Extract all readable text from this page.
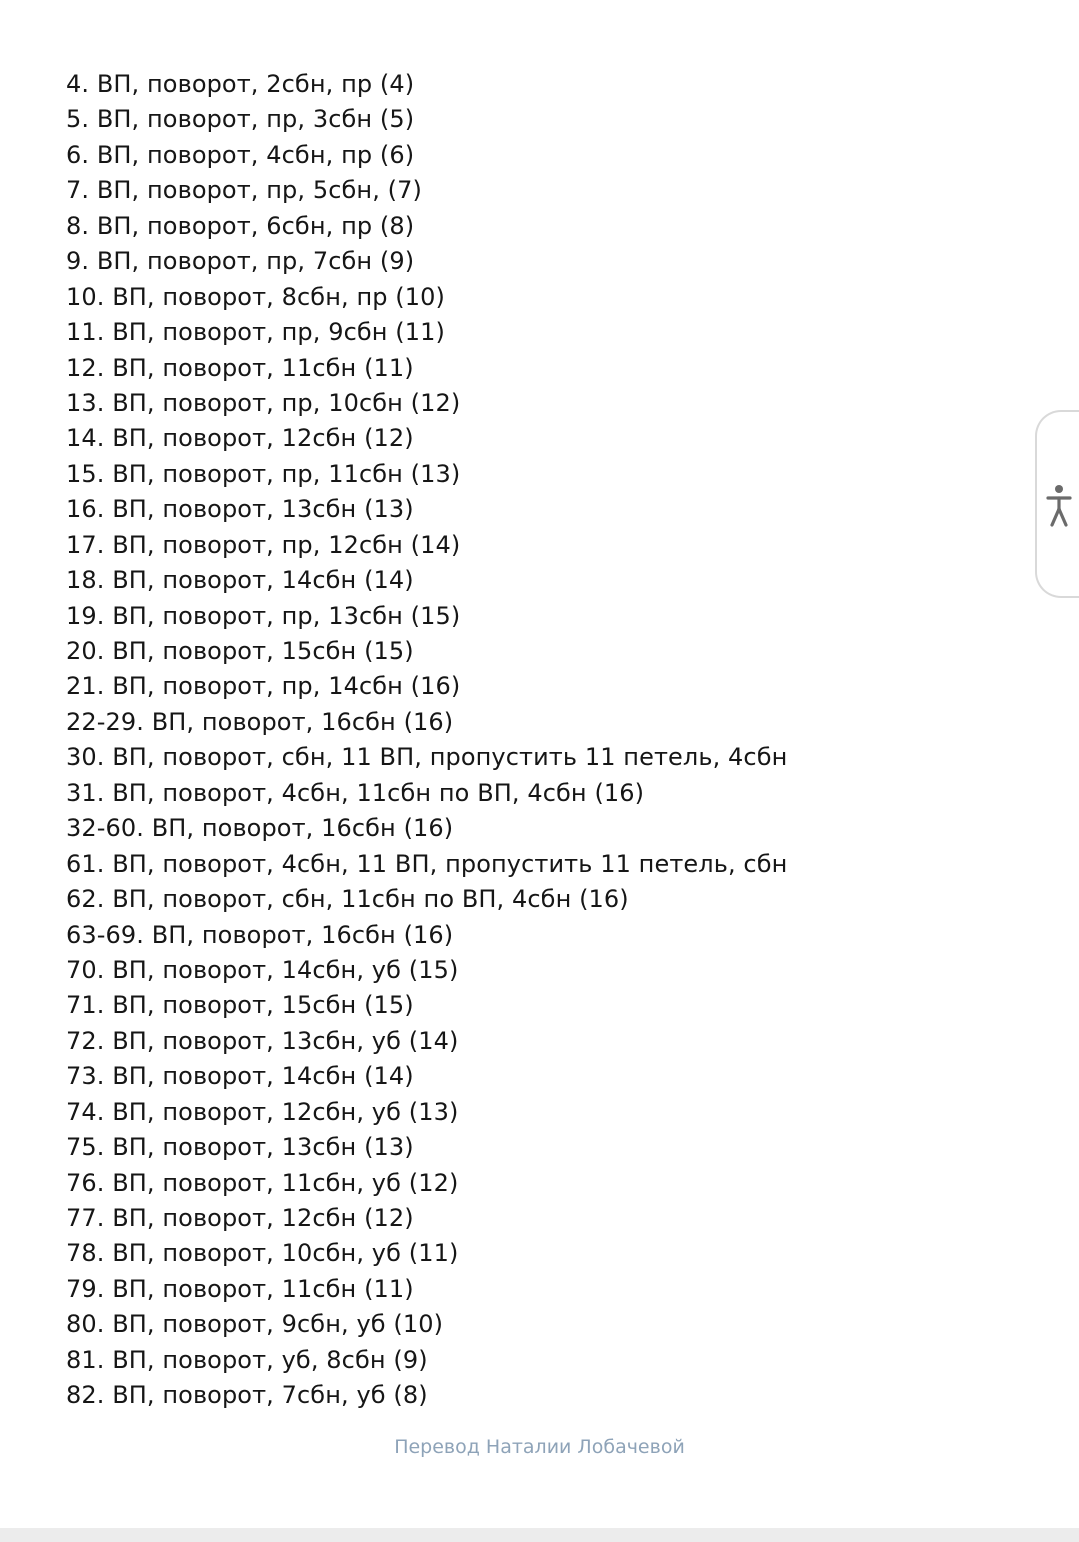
4. ВП, поворот, 2сбн, пр (4)
5. ВП, поворот, пр, 3сбн (5)
6. ВП, поворот, 4сбн, пр (6)
7. ВП, поворот, пр, 5сбн, (7)
8. ВП, поворот, 6сбн, пр (8)
9. ВП, поворот, пр, 7сбн (9)
10. ВП, поворот, 8сбн, пр (10)
11. ВП, поворот, пр, 9сбн (11)
12. ВП, поворот, 11сбн (11)
13. ВП, поворот, пр, 10сбн (12)
14. ВП, поворот, 12сбн (12)
15. ВП, поворот, пр, 11сбн (13)
16. ВП, поворот, 13сбн (13)
17. ВП, поворот, пр, 12сбн (14)
18. ВП, поворот, 14сбн (14)
19. ВП, поворот, пр, 13сбн (15)
20. ВП, поворот, 15сбн (15)
21. ВП, поворот, пр, 14сбн (16)
22-29. ВП, поворот, 16сбн (16)
30. ВП, поворот, сбн, 11 ВП, пропустить 11 петель, 4сбн
31. ВП, поворот, 4сбн, 11сбн по ВП, 4сбн (16)
32-60. ВП, поворот, 16сбн (16)
61. ВП, поворот, 4сбн, 11 ВП, пропустить 11 петель, сбн
62. ВП, поворот, сбн, 11сбн по ВП, 4сбн (16)
63-69. ВП, поворот, 16сбн (16)
70. ВП, поворот, 14сбн, уб (15)
71. ВП, поворот, 15сбн (15)
72. ВП, поворот, 13сбн, уб (14)
73. ВП, поворот, 14сбн (14)
74. ВП, поворот, 12сбн, уб (13)
75. ВП, поворот, 13сбн (13)
76. ВП, поворот, 11сбн, уб (12)
77. ВП, поворот, 12сбн (12)
78. ВП, поворот, 10сбн, уб (11)
79. ВП, поворот, 11сбн (11)
80. ВП, поворот, 9сбн, уб (10)
81. ВП, поворот, уб, 8сбн (9)
82. ВП, поворот, 7сбн, уб (8)
Перевод Наталии Лобачевой
